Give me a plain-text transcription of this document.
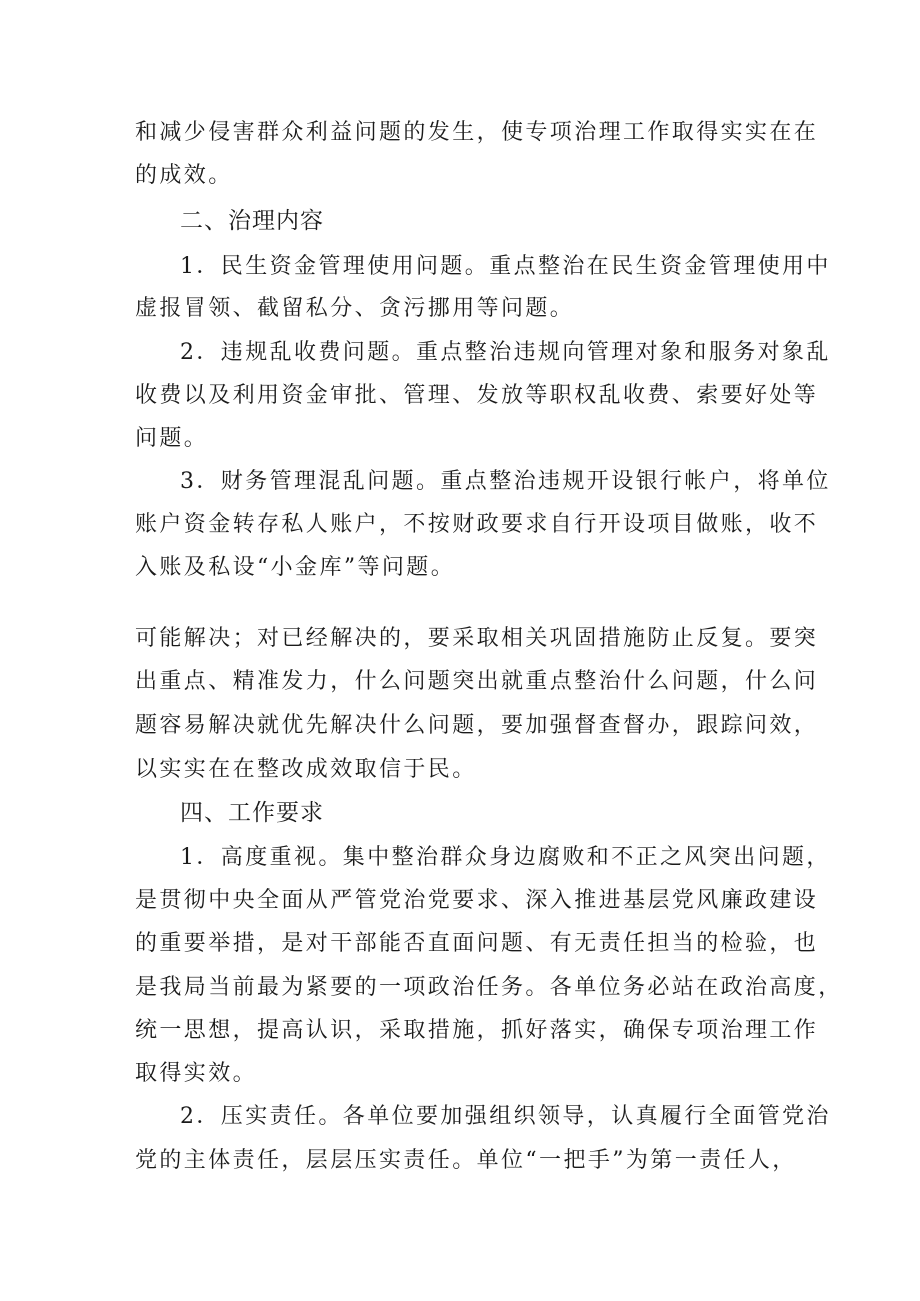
和减少侵害群众利益问题的发生，使专项治理工作取得实实在在
的成效。
二、治理内容
1．民生资金管理使用问题。重点整治在民生资金管理使用中
虚报冒领、截留私分、贪污挪用等问题。
2．违规乱收费问题。重点整治违规向管理对象和服务对象乱
收费以及利用资金审批、管理、发放等职权乱收费、索要好处等
问题。
3．财务管理混乱问题。重点整治违规开设银行帐户，将单位
账户资金转存私人账户，不按财政要求自行开设项目做账，收不
入账及私设“小金库”等问题。
可能解决；对已经解决的，要采取相关巩固措施防止反复。要突
出重点、精准发力，什么问题突出就重点整治什么问题，什么问
题容易解决就优先解决什么问题，要加强督查督办，跟踪问效，
以实实在在整改成效取信于民。
四、工作要求
1．高度重视。集中整治群众身边腐败和不正之风突出问题，
是贯彻中央全面从严管党治党要求、深入推进基层党风廉政建设
的重要举措，是对干部能否直面问题、有无责任担当的检验，也
是我局当前最为紧要的一项政治任务。各单位务必站在政治高度，
统一思想，提高认识，采取措施，抓好落实，确保专项治理工作
取得实效。
2．压实责任。各单位要加强组织领导，认真履行全面管党治
党的主体责任，层层压实责任。单位“一把手”为第一责任人，
